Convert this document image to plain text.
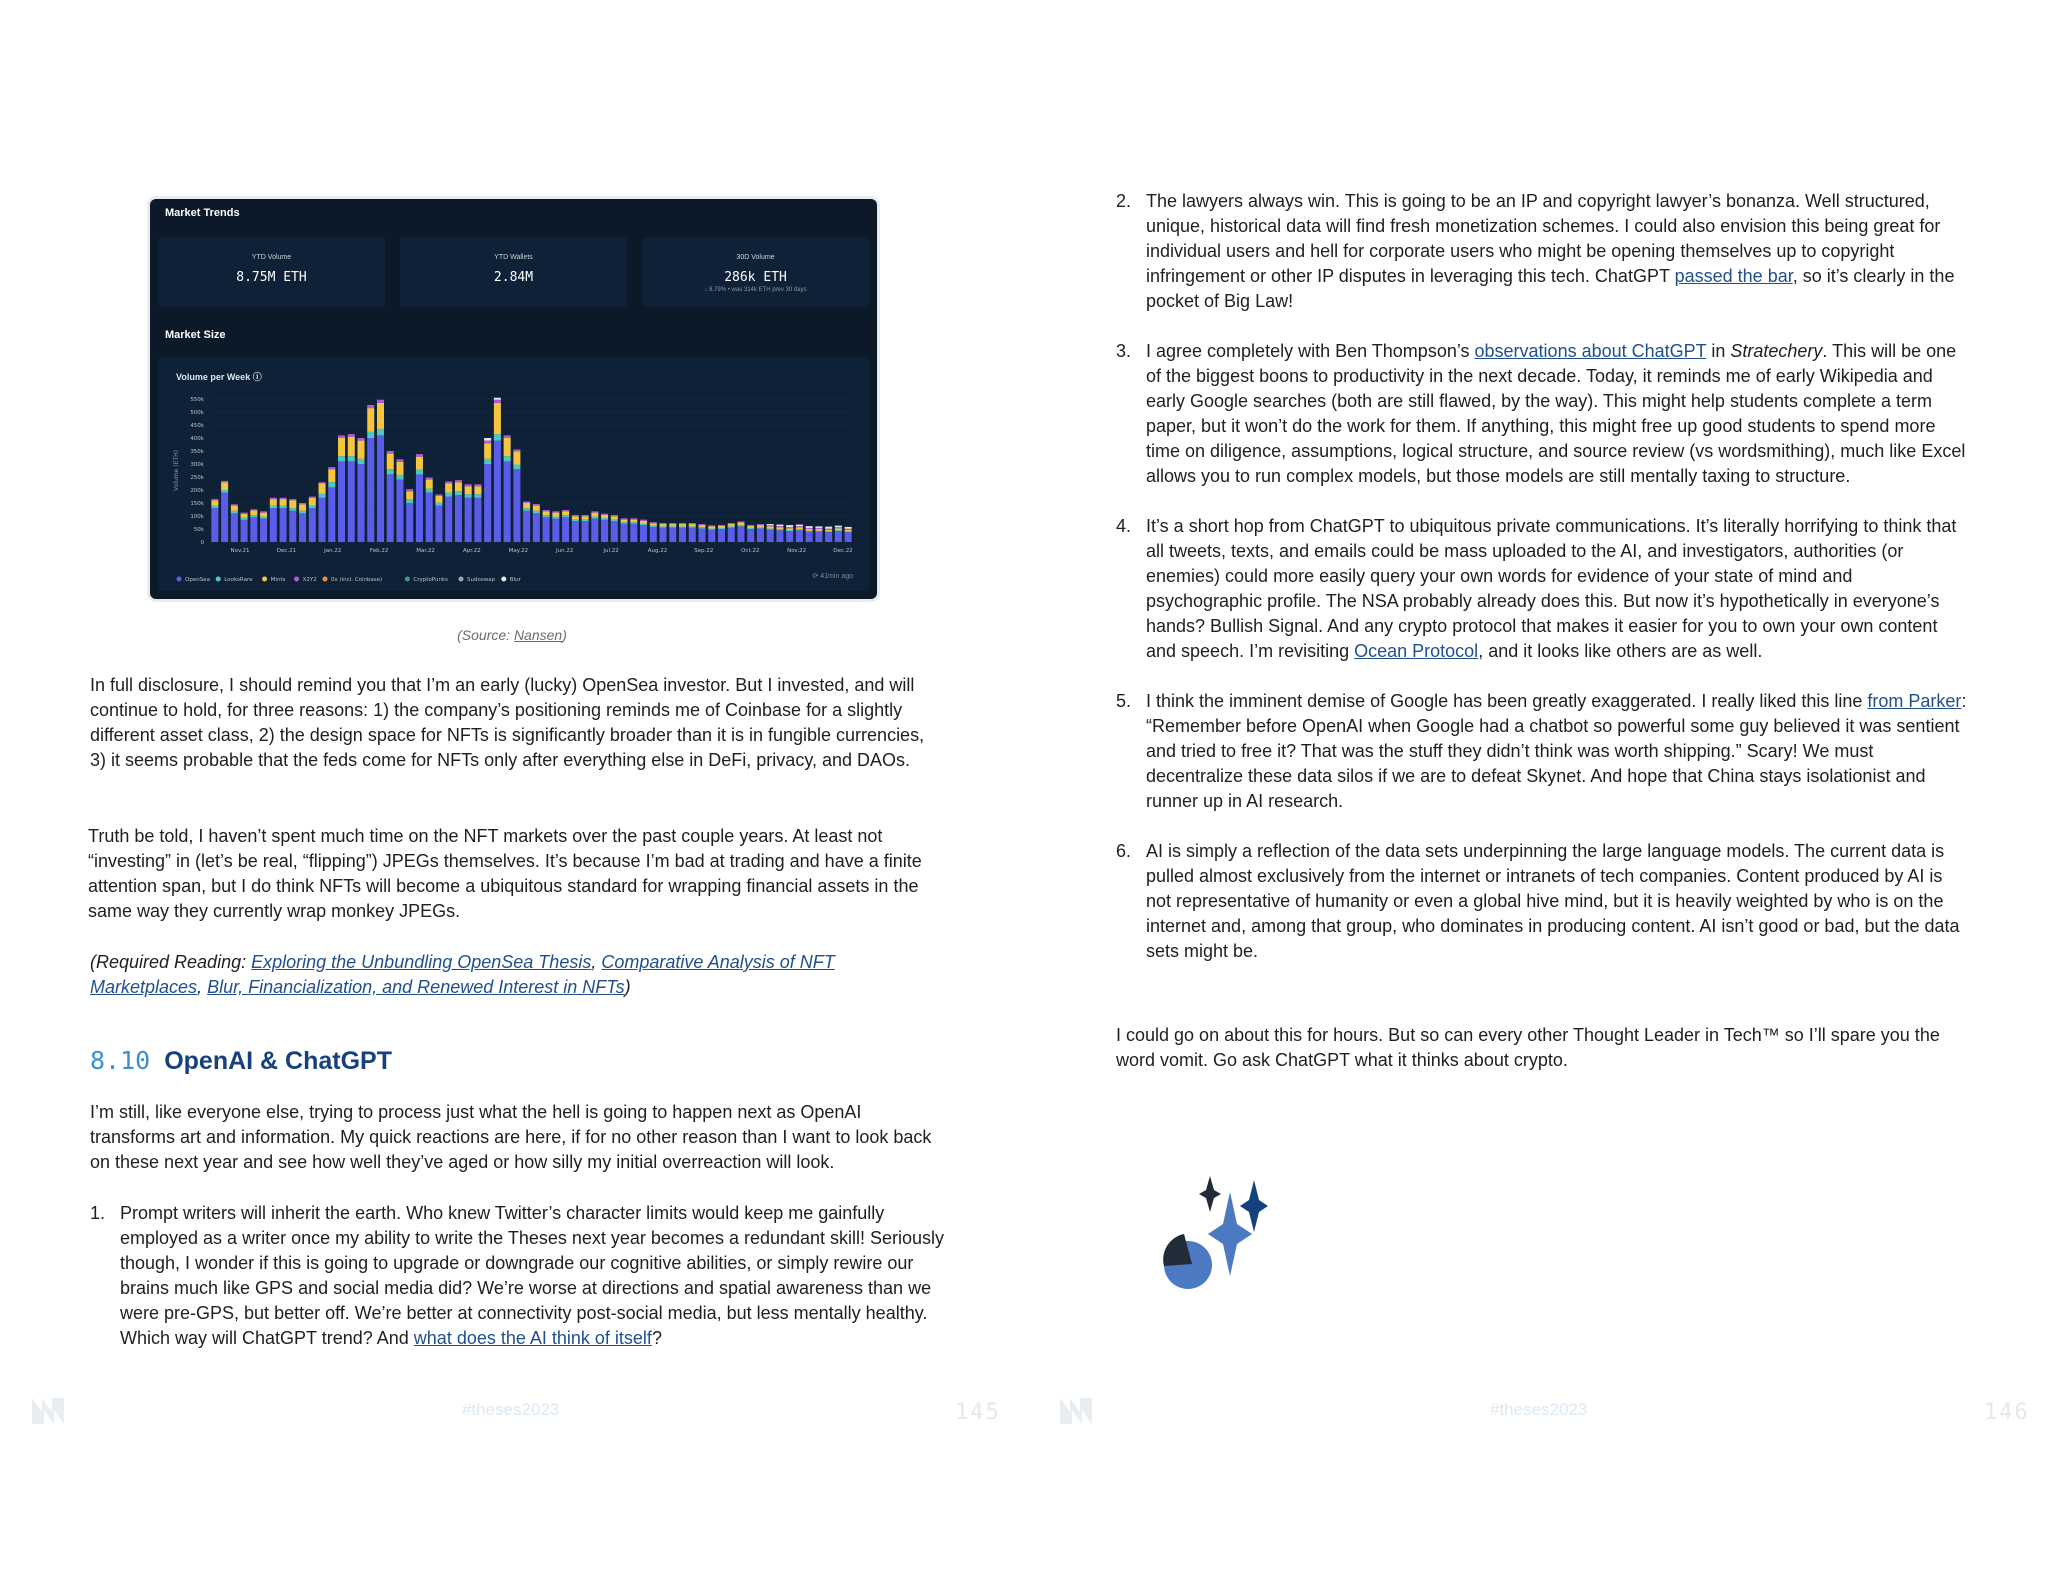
Market Trends
YTD Volume
8.75M ETH
YTD Wallets
2.84M
30D Volume
286k ETH
↓ 8.79% • was 314k ETH prev 30 days
Market Size
Volume per Week ⓘ
⟳ 41min ago
550k
500k
450k
400k
350k
300k
250k
200k
150k
100k
50k
0
Volume (ETH)
Nov.21	Dec.21	Jan.22	Feb.22	Mar.22	Apr.22	May.22	Jun.22	Jul.22	Aug.22	Sep.22	Oct.22	Nov.22	Dec.22
OpenSea	LooksRare	Mints	X2Y2	0x (incl. Coinbase)	CryptoPunks	Sudoswap	Blur
(Source: Nansen)

In full disclosure, I should remind you that I’m an early (lucky) OpenSea investor. But I invested, and will continue to hold, for three reasons: 1) the company’s positioning reminds me of Coinbase for a slightly different asset class, 2) the design space for NFTs is significantly broader than it is in fungible currencies, 3) it seems probable that the feds come for NFTs only after everything else in DeFi, privacy, and DAOs.

Truth be told, I haven’t spent much time on the NFT markets over the past couple years. At least not “investing” in (let’s be real, “flipping”) JPEGs themselves. It’s because I’m bad at trading and have a finite attention span, but I do think NFTs will become a ubiquitous standard for wrapping financial assets in the same way they currently wrap monkey JPEGs.

(Required Reading: Exploring the Unbundling OpenSea Thesis, Comparative Analysis of NFT Marketplaces, Blur, Financialization, and Renewed Interest in NFTs)

8.10 OpenAI & ChatGPT

I’m still, like everyone else, trying to process just what the hell is going to happen next as OpenAI transforms art and information. My quick reactions are here, if for no other reason than I want to look back on these next year and see how well they’ve aged or how silly my initial overreaction will look.

1. Prompt writers will inherit the earth. Who knew Twitter’s character limits would keep me gainfully employed as a writer once my ability to write the Theses next year becomes a redundant skill! Seriously though, I wonder if this is going to upgrade or downgrade our cognitive abilities, or simply rewire our brains much like GPS and social media did? We’re worse at directions and spatial awareness than we were pre-GPS, but better off. We’re better at connectivity post-social media, but less mentally healthy. Which way will ChatGPT trend? And what does the AI think of itself?
#theses2023	145
2. The lawyers always win. This is going to be an IP and copyright lawyer’s bonanza. Well structured, unique, historical data will find fresh monetization schemes. I could also envision this being great for individual users and hell for corporate users who might be opening themselves up to copyright infringement or other IP disputes in leveraging this tech. ChatGPT passed the bar, so it’s clearly in the pocket of Big Law!
3. I agree completely with Ben Thompson’s observations about ChatGPT in Stratechery. This will be one of the biggest boons to productivity in the next decade. Today, it reminds me of early Wikipedia and early Google searches (both are still flawed, by the way). This might help students complete a term paper, but it won’t do the work for them. If anything, this might free up good students to spend more time on diligence, assumptions, logical structure, and source review (vs wordsmithing), much like Excel allows you to run complex models, but those models are still mentally taxing to structure.
4. It’s a short hop from ChatGPT to ubiquitous private communications. It’s literally horrifying to think that all tweets, texts, and emails could be mass uploaded to the AI, and investigators, authorities (or enemies) could more easily query your own words for evidence of your state of mind and psychographic profile. The NSA probably already does this. But now it’s hypothetically in everyone’s hands? Bullish Signal. And any crypto protocol that makes it easier for you to own your own content and speech. I’m revisiting Ocean Protocol, and it looks like others are as well.
5. I think the imminent demise of Google has been greatly exaggerated. I really liked this line from Parker: “Remember before OpenAI when Google had a chatbot so powerful some guy believed it was sentient and tried to free it? That was the stuff they didn’t think was worth shipping.” Scary! We must decentralize these data silos if we are to defeat Skynet. And hope that China stays isolationist and runner up in AI research.
6. AI is simply a reflection of the data sets underpinning the large language models. The current data is pulled almost exclusively from the internet or intranets of tech companies. Content produced by AI is not representative of humanity or even a global hive mind, but it is heavily weighted by who is on the internet and, among that group, who dominates in producing content. AI isn’t good or bad, but the data sets might be.

I could go on about this for hours. But so can every other Thought Leader in Tech™ so I’ll spare you the word vomit. Go ask ChatGPT what it thinks about crypto.

#theses2023	146
